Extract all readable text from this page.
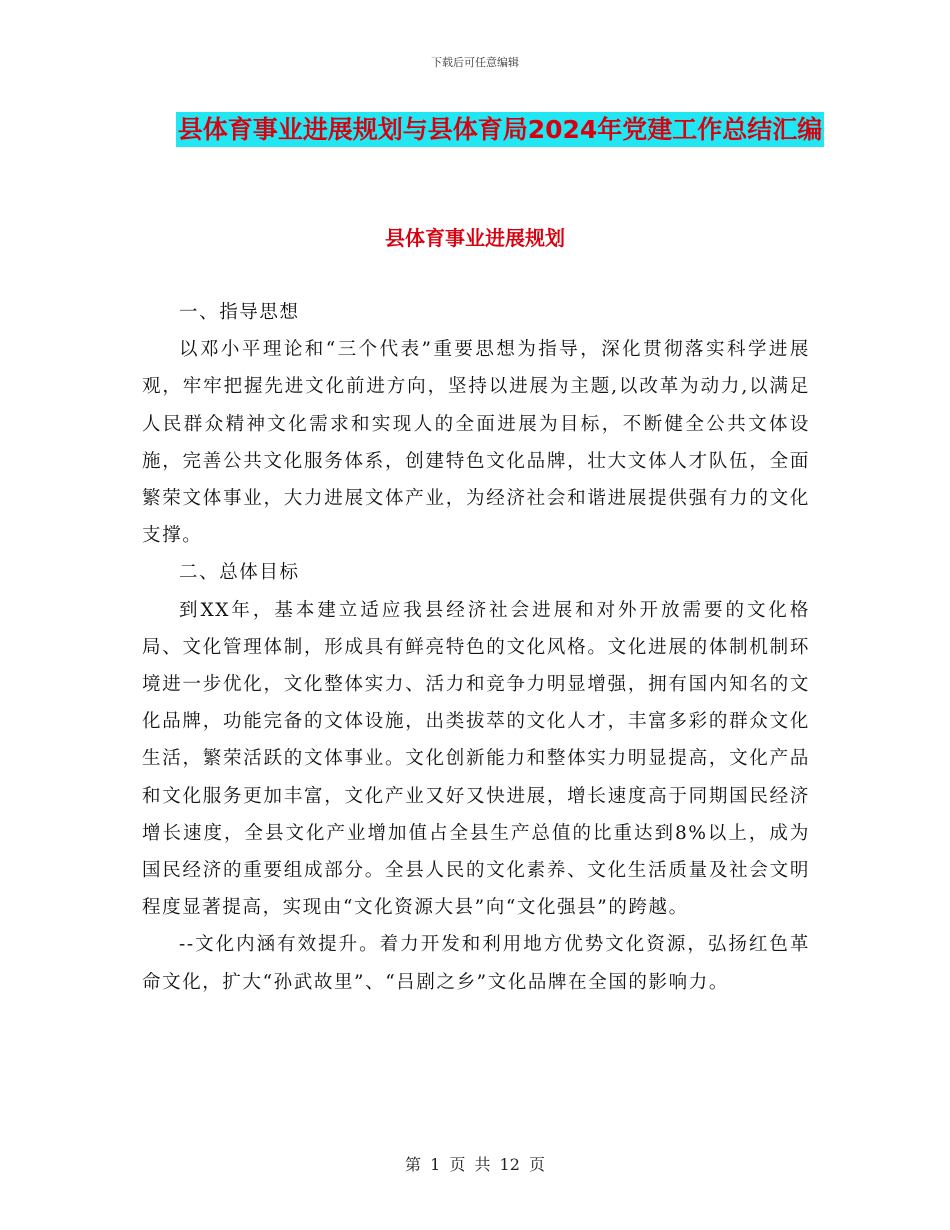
下载后可任意编辑
县体育事业进展规划与县体育局2024年党建工作总结汇编
县体育事业进展规划

一、指导思想

以邓小平理论和“三个代表”重要思想为指导，深化贯彻落实科学进展观，牢牢把握先进文化前进方向，坚持以进展为主题,以改革为动力,以满足人民群众精神文化需求和实现人的全面进展为目标，不断健全公共文体设施，完善公共文化服务体系，创建特色文化品牌，壮大文体人才队伍，全面繁荣文体事业，大力进展文体产业，为经济社会和谐进展提供强有力的文化支撑。

二、总体目标

到XX年，基本建立适应我县经济社会进展和对外开放需要的文化格局、文化管理体制，形成具有鲜亮特色的文化风格。文化进展的体制机制环境进一步优化，文化整体实力、活力和竞争力明显增强，拥有国内知名的文化品牌，功能完备的文体设施，出类拔萃的文化人才，丰富多彩的群众文化生活，繁荣活跃的文体事业。文化创新能力和整体实力明显提高，文化产品和文化服务更加丰富，文化产业又好又快进展，增长速度高于同期国民经济增长速度，全县文化产业增加值占全县生产总值的比重达到8%以上，成为国民经济的重要组成部分。全县人民的文化素养、文化生活质量及社会文明程度显著提高，实现由“文化资源大县”向“文化强县”的跨越。

--文化内涵有效提升。着力开发和利用地方优势文化资源，弘扬红色革命文化，扩大“孙武故里”、“吕剧之乡”文化品牌在全国的影响力。

第 1 页 共 12 页
